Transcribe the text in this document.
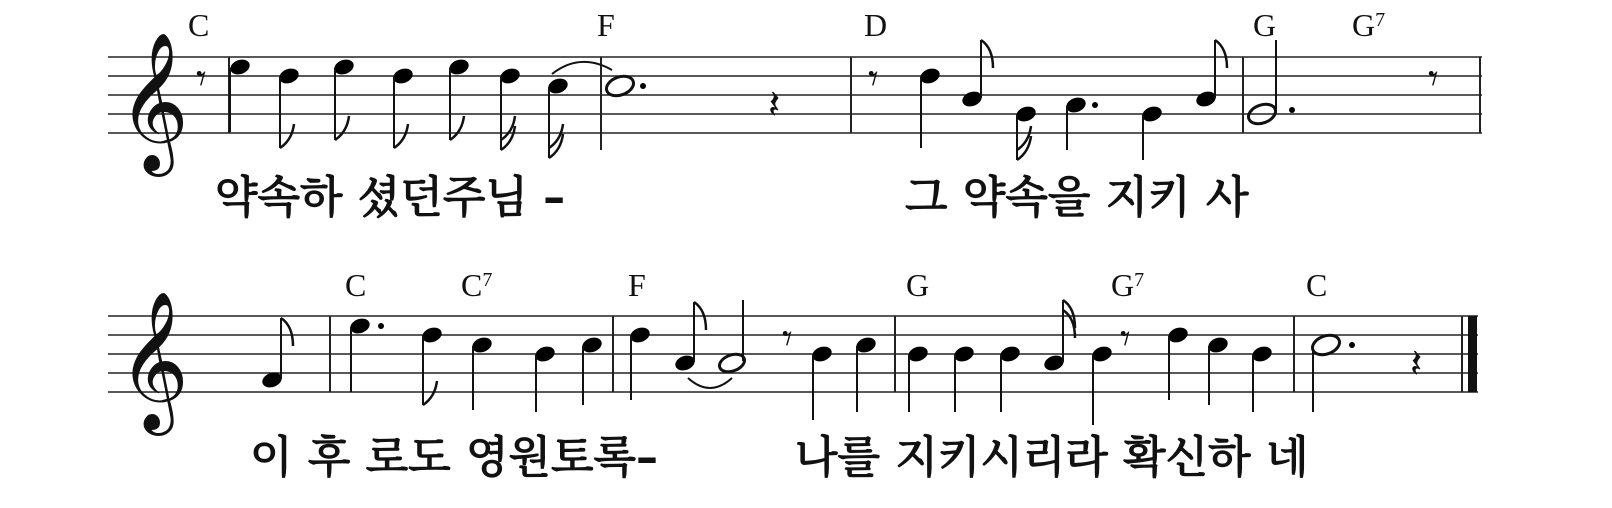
𝄞
C	F	D	G $G^7$
𝄾
𝄽
𝄾	𝄾
약속하 셨던주님 –	그 약속을 지키 사
𝄞
C	$C^7$	F	G	$G^7$	C
𝄾	𝄾
𝄽
이 후 로도 영원토록–	나를 지키시리라 확신하 네
